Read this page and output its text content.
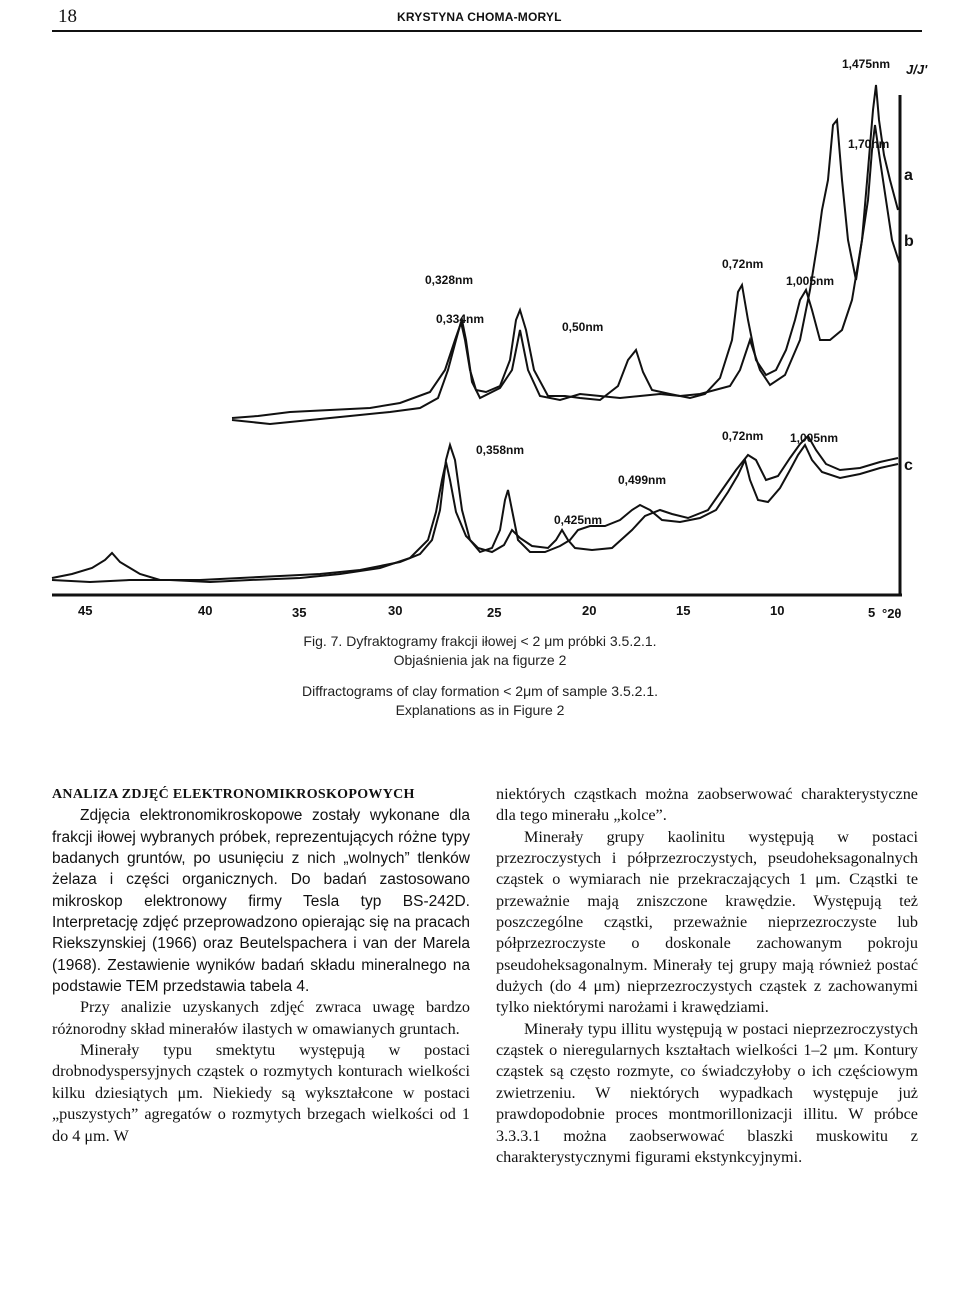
18	KRYSTYNA CHOMA-MORYL
45	40	35	30	25	20	15	10	5 °2θ
1,475nm
1,70nm
0,328nm
0,334nm
0,50nm
0,72nm
1,005nm
0,358nm
0,425nm
0,499nm
0,72nm 1,005nm
a
b
c
J/J'
Fig. 7. Dyfraktogramy frakcji iłowej < 2 μm próbki 3.5.2.1.
Objaśnienia jak na figurze 2
Diffractograms of clay formation < 2μm of sample 3.5.2.1.
Explanations as in Figure 2

ANALIZA ZDJĘĆ ELEKTRONOMIKROSKOPOWYCH

Zdjęcia elektronomikroskopowe zostały wykonane dla frakcji iłowej wybranych próbek, reprezentujących różne typy badanych gruntów, po usunięciu z nich „wolnych” tlenków żelaza i części organicznych. Do badań zastosowano mikroskop elektronowy firmy Tesla typ BS-242D. Interpretację zdjęć przeprowadzono opierając się na pracach Riekszynskiej (1966) oraz Beutelspachera i van der Marela (1968). Zestawienie wyników badań składu mineralnego na podstawie TEM przedstawia tabela 4.

Przy analizie uzyskanych zdjęć zwraca uwagę bardzo różnorodny skład minerałów ilastych w omawianych gruntach.

Minerały typu smektytu występują w postaci drobnodyspersyjnych cząstek o rozmytych konturach wielkości kilku dziesiątych μm. Niekiedy są wykształcone w postaci „puszystych” agregatów o rozmytych brzegach wielkości od 1 do 4 μm. W

niektórych cząstkach można zaobserwować charakterystyczne dla tego minerału „kolce”.

Minerały grupy kaolinitu występują w postaci przezroczystych i półprzezroczystych, pseudoheksagonalnych cząstek o wymiarach nie przekraczających 1 μm. Cząstki te przeważnie mają zniszczone krawędzie. Występują też poszczególne cząstki, przeważnie nieprzezroczyste lub półprzezroczyste o doskonale zachowanym pokroju pseudoheksagonalnym. Minerały tej grupy mają również postać dużych (do 4 μm) nieprzezroczystych cząstek z zachowanymi tylko niektórymi narożami i krawędziami.

Minerały typu illitu występują w postaci nieprzezroczystych cząstek o nieregularnych kształtach wielkości 1–2 μm. Kontury cząstek są często rozmyte, co świadczyłoby o ich częściowym zwietrzeniu. W niektórych wypadkach występuje już prawdopodobnie proces montmorillonizacji illitu. W próbce 3.3.3.1 można zaobserwować blaszki muskowitu z charakterystycznymi figurami ekstynkcyjnymi.
